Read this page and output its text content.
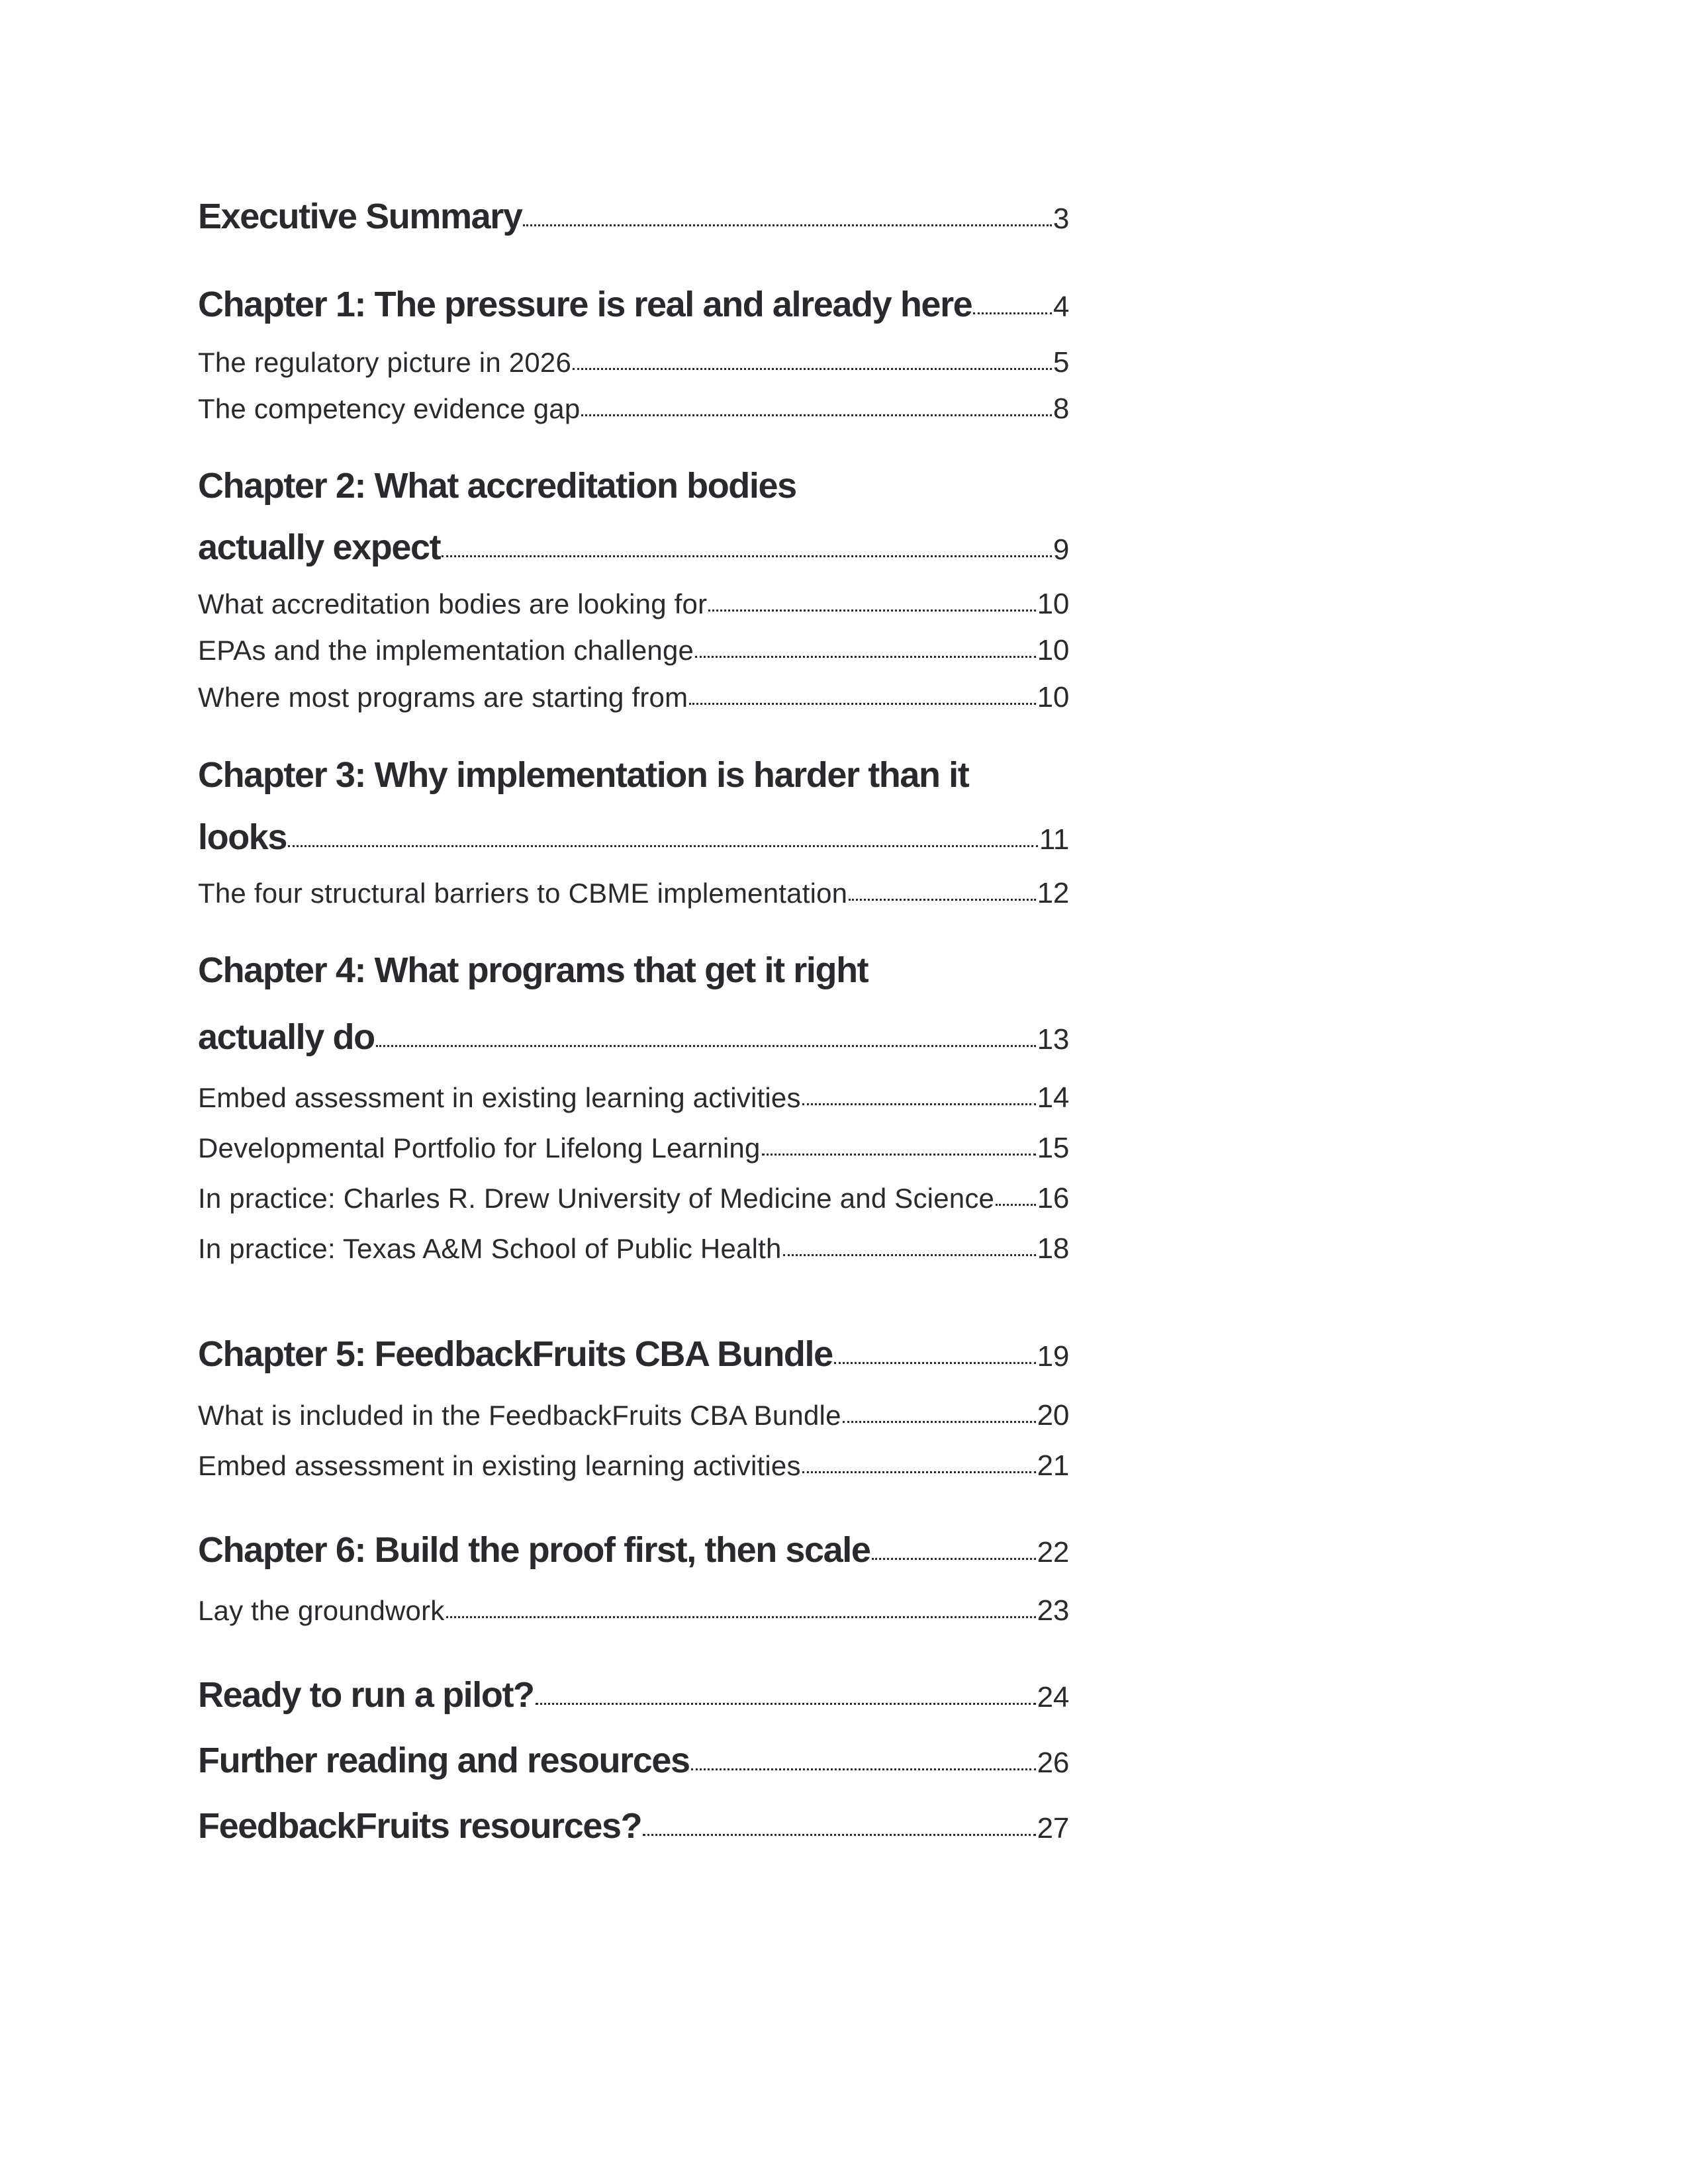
Executive Summary	3
Chapter 1: The pressure is real and already here	4
The regulatory picture in 2026	5
The competency evidence gap	8
Chapter 2: What accreditation bodies
actually expect	9
What accreditation bodies are looking for	10
EPAs and the implementation challenge	10
Where most programs are starting from	10
Chapter 3: Why implementation is harder than it
looks	11
The four structural barriers to CBME implementation	12
Chapter 4: What programs that get it right
actually do	13
Embed assessment in existing learning activities	14
Developmental Portfolio for Lifelong Learning	15
In practice: Charles R. Drew University of Medicine and Science 16
In practice: Texas A&M School of Public Health	18
Chapter 5: FeedbackFruits CBA Bundle	19
What is included in the FeedbackFruits CBA Bundle	20
Embed assessment in existing learning activities	21
Chapter 6: Build the proof first, then scale	22
Lay the groundwork	23
Ready to run a pilot?	24
Further reading and resources	26
FeedbackFruits resources?	27
